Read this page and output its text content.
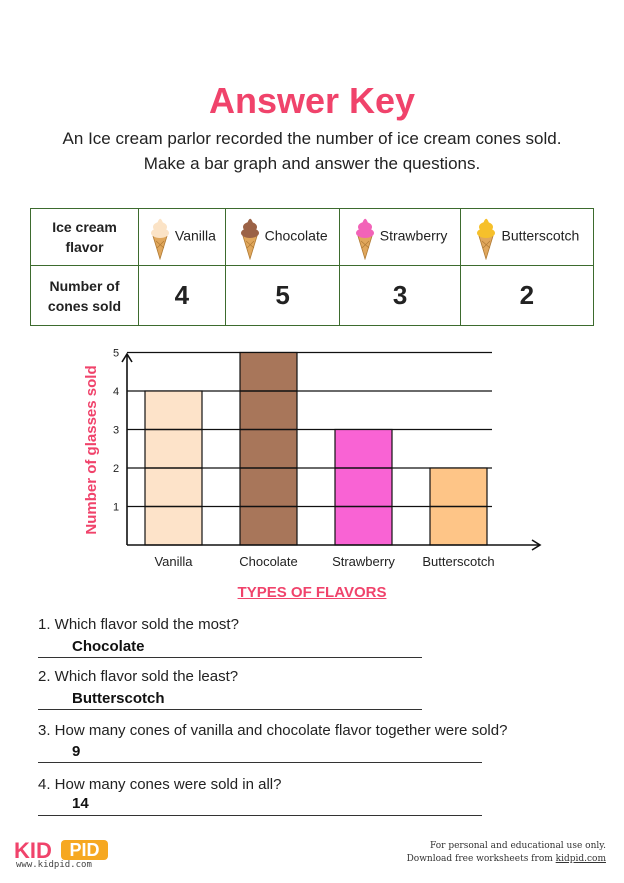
Answer Key
An Ice cream parlor recorded the number of ice cream cones sold.
Make a bar graph and answer the questions.
Ice cream
flavor	Vanilla	Chocolate	Strawberry	Butterscotch

Number of
cones sold	4	5	3	2
Number of glasses sold
Vanilla	Chocolate	Strawberry Butterscotch
1
2
3
4
5
TYPES OF FLAVORS
1. Which flavor sold the most?
Chocolate
2. Which flavor sold the least?
Butterscotch
3. How many cones of vanilla and chocolate flavor together were sold?
9
4. How many cones were sold in all?
14
KID PID
www.kidpid.com
For personal and educational use only.
Download free worksheets from kidpid.com
